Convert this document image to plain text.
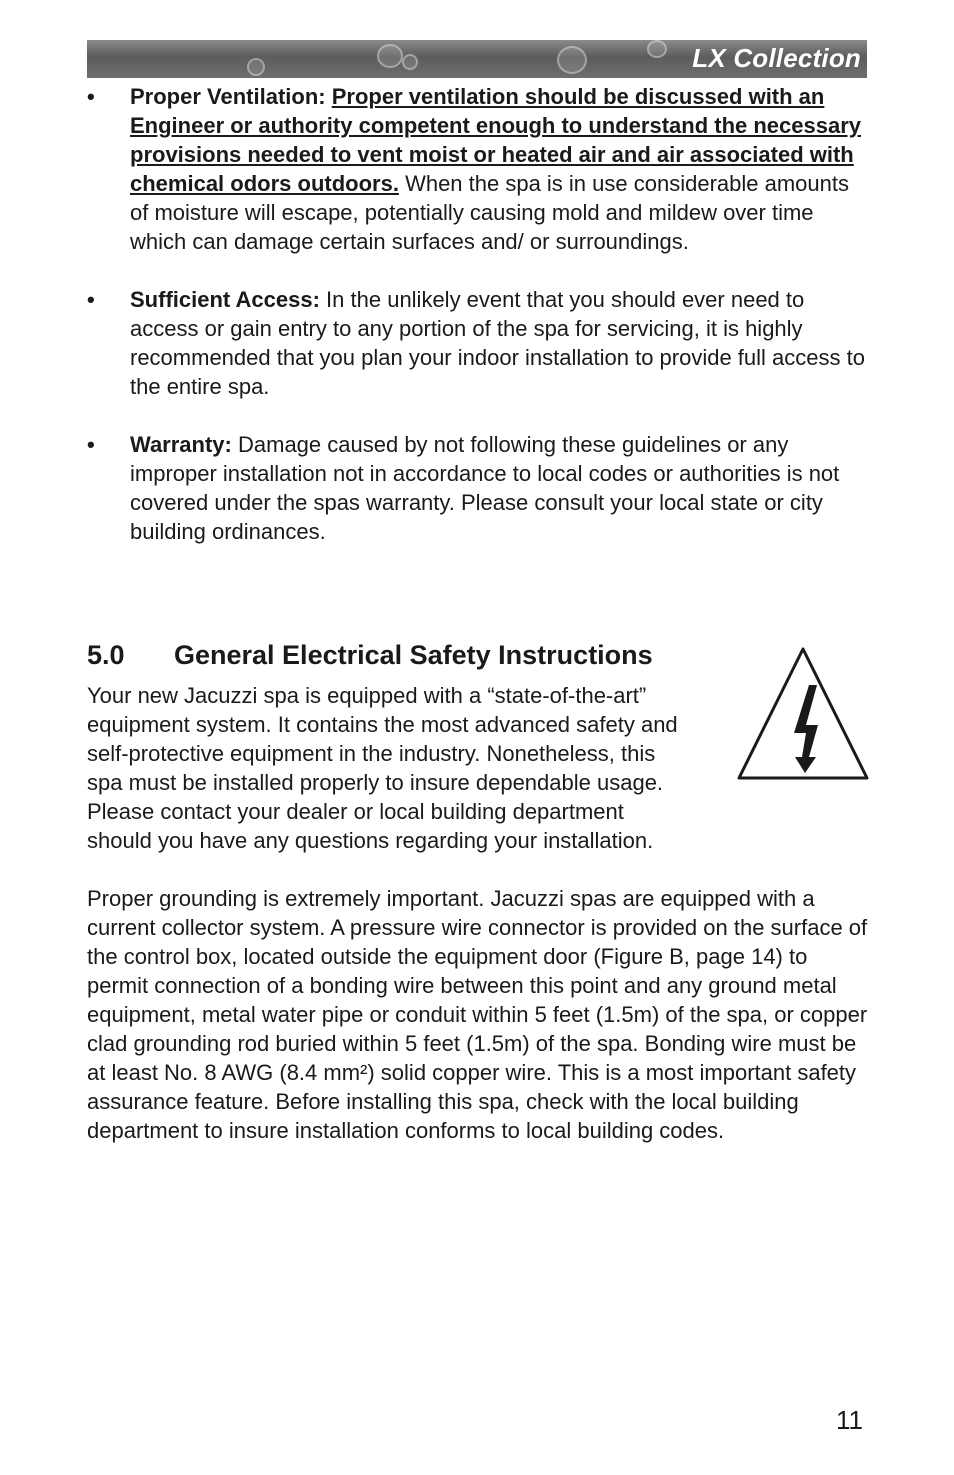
LX Collection
• Proper Ventilation: Proper ventilation should be discussed with an Engineer or authority competent enough to understand the necessary provisions needed to vent moist or heated air and air associated with chemical odors outdoors. When the spa is in use considerable amounts of moisture will escape, potentially causing mold and mildew over time which can damage certain surfaces and/ or surroundings.
• Sufficient Access: In the unlikely event that you should ever need to access or gain entry to any portion of the spa for servicing, it is highly recommended that you plan your indoor installation to provide full access to the entire spa.
• Warranty: Damage caused by not following these guidelines or any improper installation not in accordance to local codes or authorities is not covered under the spas warranty. Please consult your local state or city building ordinances.
5.0 General Electrical Safety Instructions

Your new Jacuzzi spa is equipped with a “state-of-the-art” equipment system. It contains the most advanced safety and self-protective equipment in the industry. Nonetheless, this spa must be installed properly to insure dependable usage. Please contact your dealer or local building department should you have any questions regarding your installation.

Proper grounding is extremely important. Jacuzzi spas are equipped with a current collector system. A pressure wire connector is provided on the surface of the control box, located outside the equipment door (Figure B, page 14) to permit connection of a bonding wire between this point and any ground metal equipment, metal water pipe or conduit within 5 feet (1.5m) of the spa, or copper clad grounding rod buried within 5 feet (1.5m) of the spa. Bonding wire must be at least No. 8 AWG (8.4 mm²) solid copper wire. This is a most important safety assurance feature. Before installing this spa, check with the local building department to insure installation conforms to local building codes.

11
